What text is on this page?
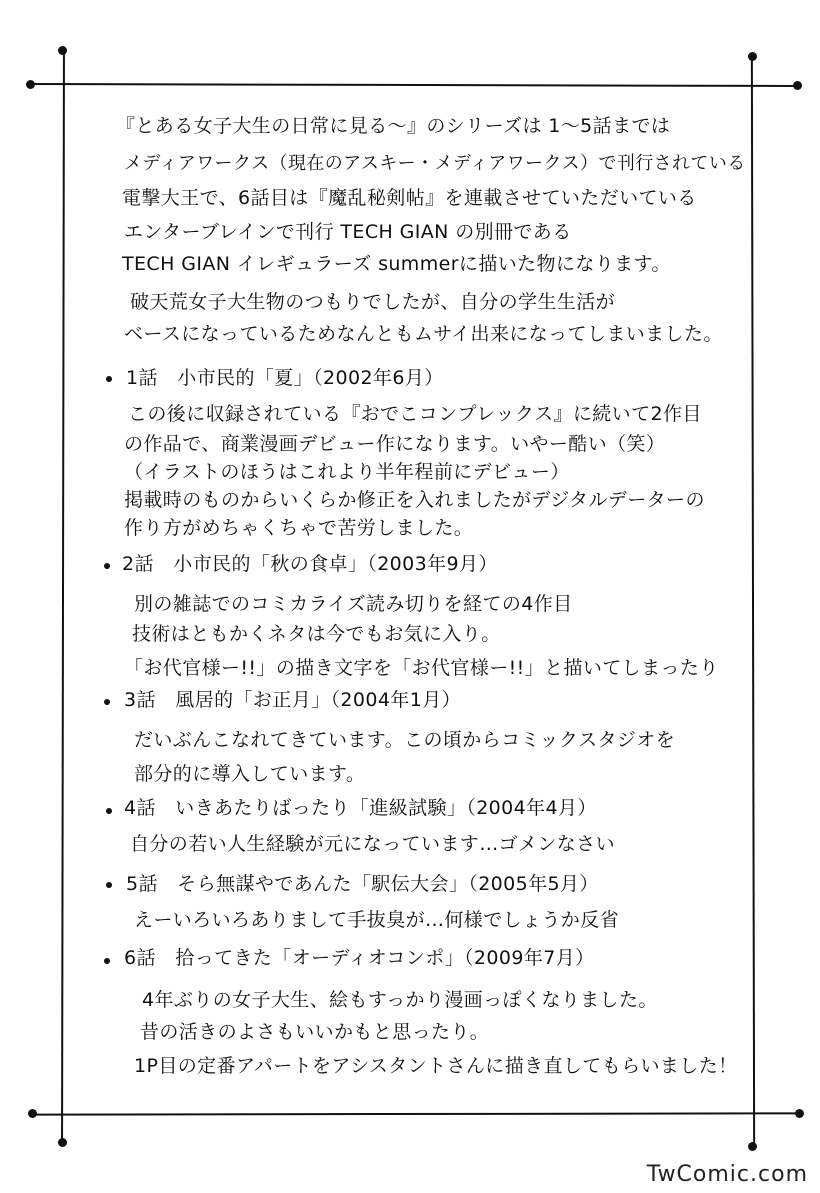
『とある女子大生の日常に見る〜』のシリーズは 1〜5話までは
メディアワークス（現在のアスキー・メディアワークス）で刊行されている
電撃大王で、6話目は『魔乱秘剣帖』を連載させていただいている
エンターブレインで刊行 TECH GIAN の別冊である
TECH GIAN イレギュラーズ summerに描いた物になります。
破天荒女子大生物のつもりでしたが、自分の学生生活が
ベースになっているためなんともムサイ出来になってしまいました。
1話　小市民的「夏」（2002年6月）
この後に収録されている『おでこコンプレックス』に続いて2作目
の作品で、商業漫画デビュー作になります。いやー酷い（笑）
（イラストのほうはこれより半年程前にデビュー）
掲載時のものからいくらか修正を入れましたがデジタルデーターの
作り方がめちゃくちゃで苦労しました。
2話　小市民的「秋の食卓」（2003年9月）
別の雑誌でのコミカライズ読み切りを経ての4作目
技術はともかくネタは今でもお気に入り。
「お代官様ー!!」の描き文字を「お代官様ー!!」と描いてしまったり
3話　風居的「お正月」（2004年1月）
だいぶんこなれてきています。この頃からコミックスタジオを
部分的に導入しています。
4話　いきあたりばったり「進級試験」（2004年4月）
自分の若い人生経験が元になっています…ゴメンなさい
5話　そら無謀やであんた「駅伝大会」（2005年5月）
えーいろいろありまして手抜臭が…何様でしょうか反省
6話　拾ってきた「オーディオコンポ」（2009年7月）
4年ぶりの女子大生、絵もすっかり漫画っぽくなりました。
昔の活きのよさもいいかもと思ったり。
1P目の定番アパートをアシスタントさんに描き直してもらいました！
TwComic.com
